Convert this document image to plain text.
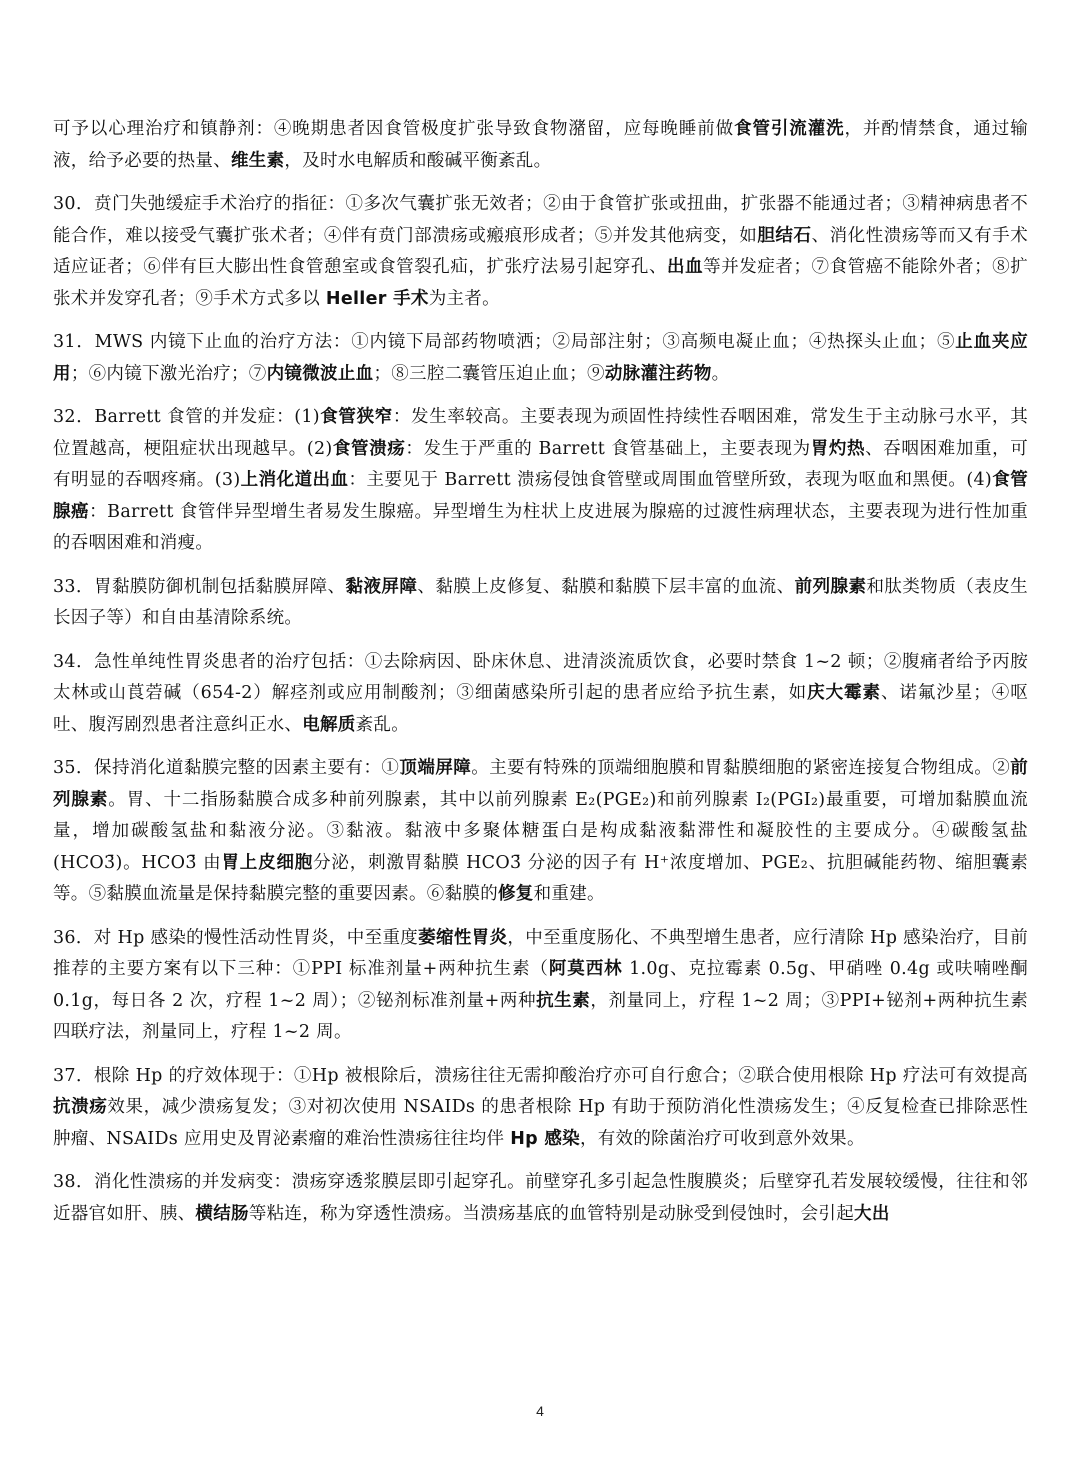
可予以心理治疗和镇静剂：④晚期患者因食管极度扩张导致食物潴留，应每晚睡前做食管引流灌洗，并酌情禁食，通过输液，给予必要的热量、维生素，及时水电解质和酸碱平衡紊乱。

30．贲门失弛缓症手术治疗的指征：①多次气囊扩张无效者；②由于食管扩张或扭曲，扩张器不能通过者；③精神病患者不能合作，难以接受气囊扩张术者；④伴有贲门部溃疡或瘢痕形成者；⑤并发其他病变，如胆结石、消化性溃疡等而又有手术适应证者；⑥伴有巨大膨出性食管憩室或食管裂孔疝，扩张疗法易引起穿孔、出血等并发症者；⑦食管癌不能除外者；⑧扩张术并发穿孔者；⑨手术方式多以 Heller 手术为主者。

31．MWS 内镜下止血的治疗方法：①内镜下局部药物喷洒；②局部注射；③高频电凝止血；④热探头止血；⑤止血夹应用；⑥内镜下激光治疗；⑦内镜微波止血；⑧三腔二囊管压迫止血；⑨动脉灌注药物。

32．Barrett 食管的并发症：(1)食管狭窄：发生率较高。主要表现为顽固性持续性吞咽困难，常发生于主动脉弓水平，其位置越高，梗阻症状出现越早。(2)食管溃疡：发生于严重的 Barrett 食管基础上，主要表现为胃灼热、吞咽困难加重，可有明显的吞咽疼痛。(3)上消化道出血：主要见于 Barrett 溃疡侵蚀食管壁或周围血管壁所致，表现为呕血和黑便。(4)食管腺癌：Barrett 食管伴异型增生者易发生腺癌。异型增生为柱状上皮进展为腺癌的过渡性病理状态，主要表现为进行性加重的吞咽困难和消瘦。

33．胃黏膜防御机制包括黏膜屏障、黏液屏障、黏膜上皮修复、黏膜和黏膜下层丰富的血流、前列腺素和肽类物质（表皮生长因子等）和自由基清除系统。

34．急性单纯性胃炎患者的治疗包括：①去除病因、卧床休息、进清淡流质饮食，必要时禁食 1~2 顿；②腹痛者给予丙胺太林或山莨菪碱（654-2）解痉剂或应用制酸剂；③细菌感染所引起的患者应给予抗生素，如庆大霉素、诺氟沙星；④呕吐、腹泻剧烈患者注意纠正水、电解质紊乱。

35．保持消化道黏膜完整的因素主要有：①顶端屏障。主要有特殊的顶端细胞膜和胃黏膜细胞的紧密连接复合物组成。②前列腺素。胃、十二指肠黏膜合成多种前列腺素，其中以前列腺素 E₂(PGE₂)和前列腺素 I₂(PGI₂)最重要，可增加黏膜血流量，增加碳酸氢盐和黏液分泌。③黏液。黏液中多聚体糖蛋白是构成黏液黏滞性和凝胶性的主要成分。④碳酸氢盐(HCO3̄)。HCO3̄ 由胃上皮细胞分泌，刺激胃黏膜 HCO3̄ 分泌的因子有 H⁺浓度增加、PGE₂、抗胆碱能药物、缩胆囊素等。⑤黏膜血流量是保持黏膜完整的重要因素。⑥黏膜的修复和重建。

36．对 Hp 感染的慢性活动性胃炎，中至重度萎缩性胃炎，中至重度肠化、不典型增生患者，应行清除 Hp 感染治疗，目前推荐的主要方案有以下三种：①PPI 标准剂量+两种抗生素（阿莫西林 1.0g、克拉霉素 0.5g、甲硝唑 0.4g 或呋喃唑酮 0.1g，每日各 2 次，疗程 1~2 周）；②铋剂标准剂量+两种抗生素，剂量同上，疗程 1~2 周；③PPI+铋剂+两种抗生素四联疗法，剂量同上，疗程 1~2 周。

37．根除 Hp 的疗效体现于：①Hp 被根除后，溃疡往往无需抑酸治疗亦可自行愈合；②联合使用根除 Hp 疗法可有效提高抗溃疡效果，减少溃疡复发；③对初次使用 NSAIDs 的患者根除 Hp 有助于预防消化性溃疡发生；④反复检查已排除恶性肿瘤、NSAIDs 应用史及胃泌素瘤的难治性溃疡往往均伴 Hp 感染，有效的除菌治疗可收到意外效果。

38．消化性溃疡的并发病变：溃疡穿透浆膜层即引起穿孔。前壁穿孔多引起急性腹膜炎；后壁穿孔若发展较缓慢，往往和邻近器官如肝、胰、横结肠等粘连，称为穿透性溃疡。当溃疡基底的血管特别是动脉受到侵蚀时，会引起大出

4
